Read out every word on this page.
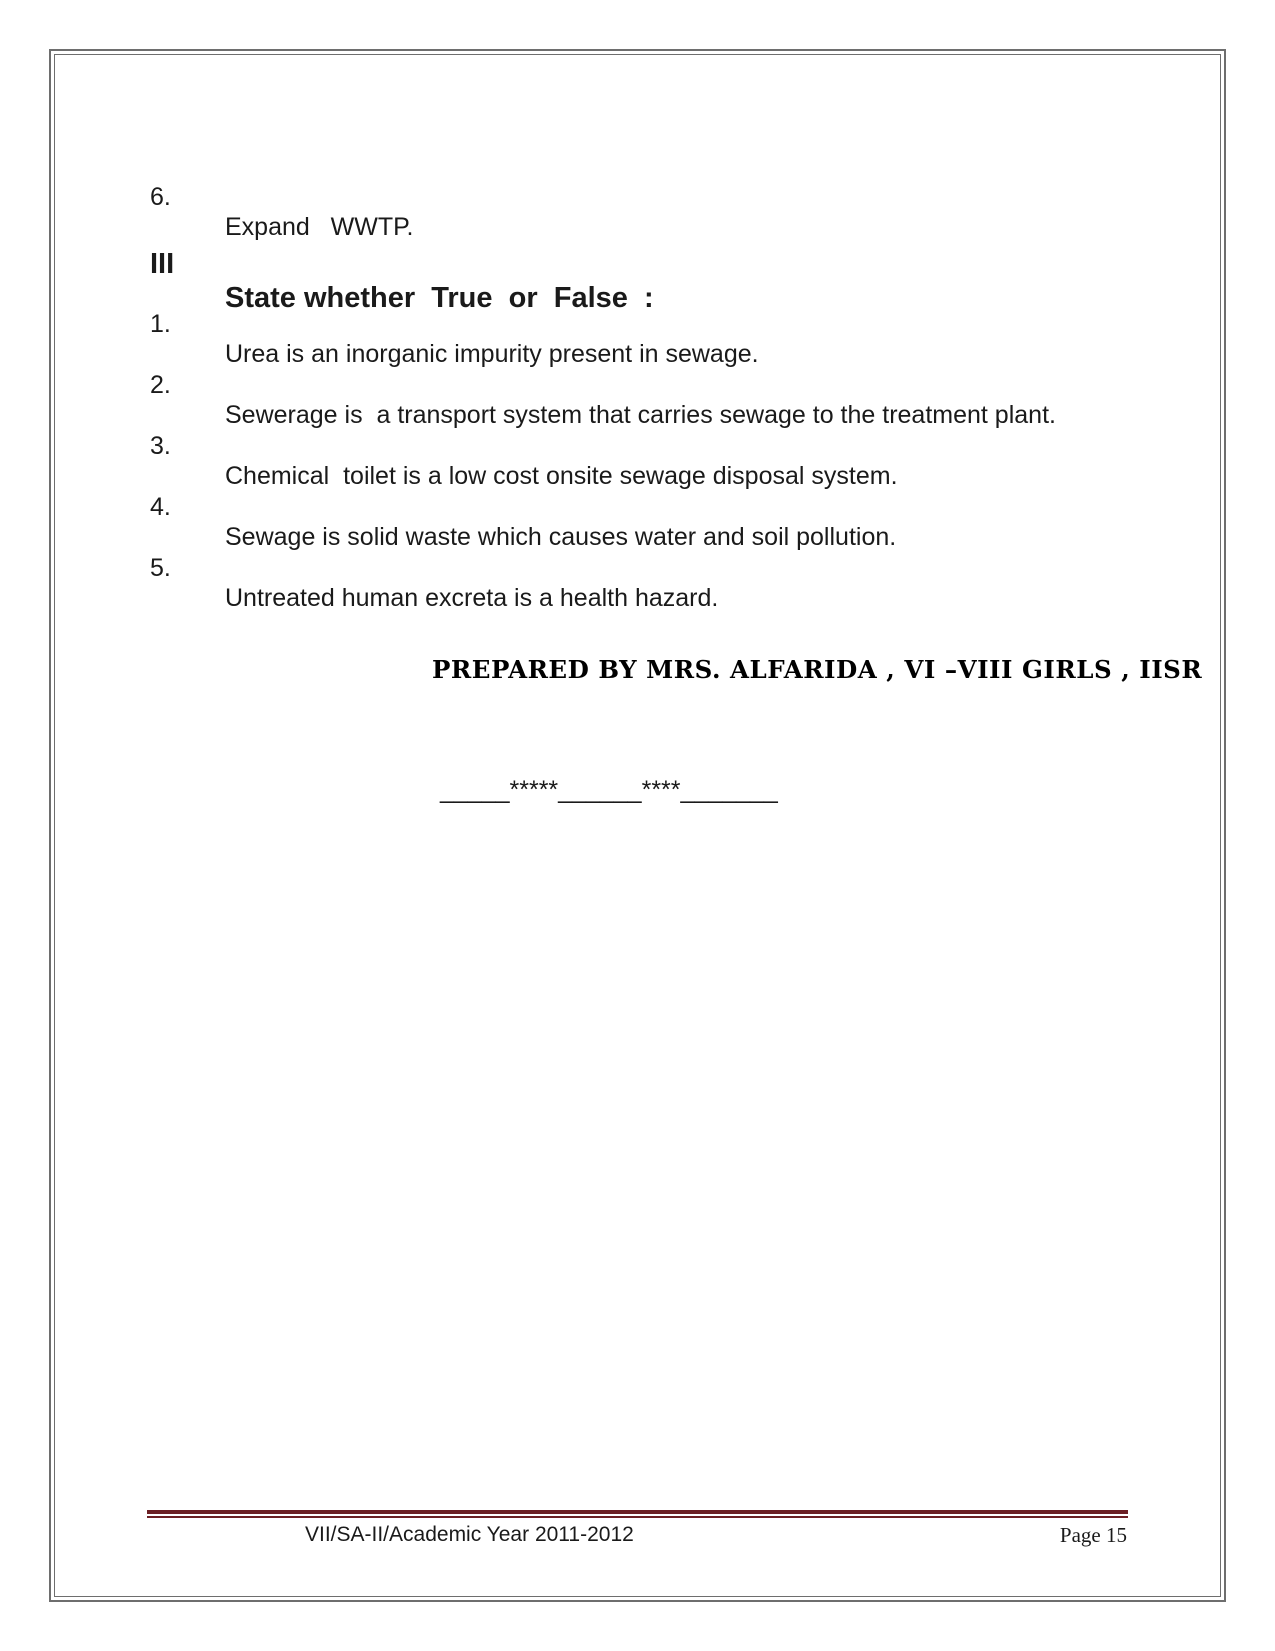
6.

Expand   WWTP.

III

State whether  True  or  False  :

1.

Urea is an inorganic impurity present in sewage.

2.

Sewerage is  a transport system that carries sewage to the treatment plant.

3.

Chemical  toilet is a low cost onsite sewage disposal system.

4.

Sewage is solid waste which causes water and soil pollution.

5.

Untreated human excreta is a health hazard.

PREPARED BY MRS. ALFARIDA , VI –VIII GIRLS , IISR
_____*****______****_______
VII/SA-II/Academic Year 2011-2012	Page 15
